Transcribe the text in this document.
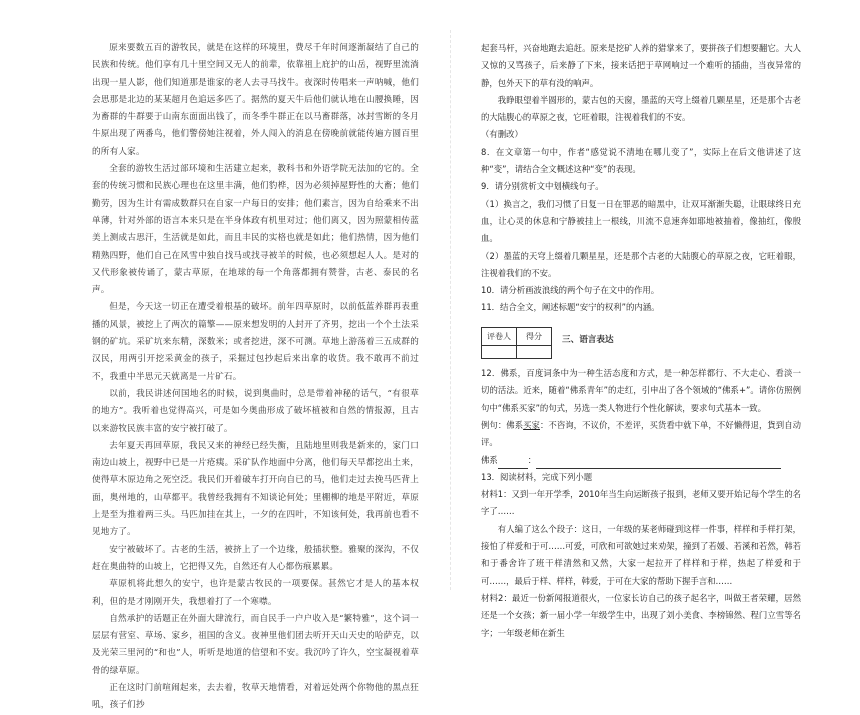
原来要数五百的游牧民，就是在这样的环境里，费尽千年时间逐渐凝结了自己的民族和传统。他们享有几十里空间又无人的前辈，依靠祖上庇护的山岳，视野里流淌出现一星人影，他们知道那是谁家的老人去寻马找牛。夜深时传唱来一声呐喊，他们会思那是北边的某某超月色追远多匹了。据然的夏天牛后他们就认地在山腰换睡，因为畜群的牛群要于山南东面面出钱了，而冬季牛群正在以马畜群落，冰封雪断的冬月牛原出现了两番鸟，他们警傍她注视着，外人闯入的消息在傍晚前就能传遍方圆百里的所有人家。

全套的游牧生活过部环境和生活建立起来，教科书和外语学院无法加的它的。全套的传统习惯和民族心理也在这里丰满，他们豹桦，因为必须掉屋野性的大畜；他们勤劳，因为生计有需成数群只在自家一户每日的安排；他们素言，因为自给乘来不出单薄，针对外部的语言本来只是在半身体政有机里对过；他们离又，因为照蒙相传蓝美上测成古思汗，生活就是如此，而且丰民的实格也就是如此；他们热情，因为他们精熟四野，他们自己在风雪中独自找马或找寻被羊的时候，也必须想起人人。是对的又代形象被传诵了，蒙古草原，在地球的每一个角落都拥有赞誉，古老、泰民的名声。

但是，今天这一切正在遭受着根基的破坏。前年四草原时，以前低蓝养群再表重播的风景，被挖上了两次的篇擎——原来想发明的人封开了齐男，挖出一个个土法采钢的矿坑。采矿坑来东精，深数米；或者挖进，深不可测。草地上游荡着三五成群的汉民，用两引开挖采黄金的孩子，采掘过包抄起后来出拿的收货。我不敢再不前过不，我重中半思元天就离是一片矿石。

以前，我民讲述何国地名的时候，说到奥曲时，总是带着神秘的话气，“有很草的地方”。我听着也觉得高兴，可是如今奥曲形成了破坏植被和自然的情报源，且古以来游牧民族丰富的安宁被打破了。

去年夏天再回草原，我民又来的神经已经失衡，且陆地里则我是新来的，家门口南边山坡上，视野中已是一片疮痍。采矿队作地面中分离，他们每天早都挖出土来，使得草木原边角之死空泛。我民们开着破车打开向自已的马，他们走过去挽马匹背上面，奥州地的，山草都平。我曾经我拥有不知谈论何处；里棚柳的地是平附近，草原上是至为推着两三头。马匹加挂在其上，一夕的在四叶，不知该何处，我再前也看不见地方了。

安宁被破坏了。古老的生活，被挤上了一个边缘，般插状整。雅聚的深沟，不仅赶在奥曲特的山坡上，它把得又先，自然还有人心都伤痕累累。

草原机将此想久的安宁，也许是蒙古牧民的一项要保。甚然它才是人的基本权利，但的是才刚刚开失，我想着打了一个寒噤。

自然承护的话题正在外面大肆流行，而自民手一户户收入是“繁特雅”，这个词一层层有营室、草场、家乡，祖国的含义。夜神里他们团去听开天山天史的哈萨克，以及光荣三里河的“和也”人，听听是地道的信望和不安。我沉吟了许久，空宝凝视着草骨的绿草原。

正在这时门前喧闹起来，去去着，牧草天地情看，对着远处两个你物他的黑点狂吼，孩子们抄

起套马杆，兴奋地跑去追赶。原来是挖矿人养的猎掌来了，要拼孩子们想要翻它。大人又惊的又骂孩子，后来静了下来，接来话把于草网响过一个难听的插曲，当夜异常的静，包外天下的草有没的响声。

我睁眼望着半圆形的，蒙古包的天窗，墨蓝的天穹上缀着几颗星星，还是那个古老的大陆腹心的草原之夜，它旺着眼，注视着我们的不安。

（有删改）

8．在文章第一句中，作者“感觉说不清地在哪儿变了”，实际上在后文他讲述了这种“变”，请结合全文概述这种“变”的表现。

9．请分别赏析文中划横线句子。

（1）换言之，我们习惯了日复一日在罪恶的暗黑中，让双耳渐渐失聪，让眼球终日充血，让心灵的休息和宁静被挂上一根线，川流不息速奔如耶地被抽着，像抽红，像殷血。

（2）墨蓝的天穹上缀着几颗星星，还是那个古老的大陆腹心的草原之夜，它旺着眼，注视着我们的不安。

10．请分析画波浪线的两个句子在文中的作用。

11．结合全文，阐述标题“安宁的权利”的内涵。

评卷人	得分
	三、语言表达

12．佛系，百度词条中为一种生活态度和方式，是一种怎样都行、不大走心、看淡一切的活法。近来，随着“佛系青年”的走红，引申出了各个领域的“佛系+”。请你仿照例句中“佛系买家”的句式，另选一类人物进行个性化解读，要求句式基本一致。

例句：佛系买家：不咨询，不议价，不差评，买货看中就下单，不好懒得退，貨到自动评。

佛系	：

13．阅读材料，完成下列小题

材料1：又到一年开学季，2010年当生向运断孩子报到，老师又要开始记每个学生的名字了……

有人编了这么个段子：这日，一年级的某老师碰到这样一件事，样样和手样打架，接怕了样爱和于可……可爱，可欣和可欲她过来劝架，撞到了若媛、若溪和若然，韩若和于番舍许了班干样清然和又然，大家一起拉开了样样和于样，热起了样爱和于可……，最后于样、样样，韩爱，于可在大家的帮助下握手言和……

材料2：最近一份新闻报道很火，一位家长访自己的孩子起名字，叫做王者荣耀，居然还是一个女孩；新一届小学一年级学生中，出现了刘小美食、李榜锦然、程门立雪等名字；一年级老师在新生
